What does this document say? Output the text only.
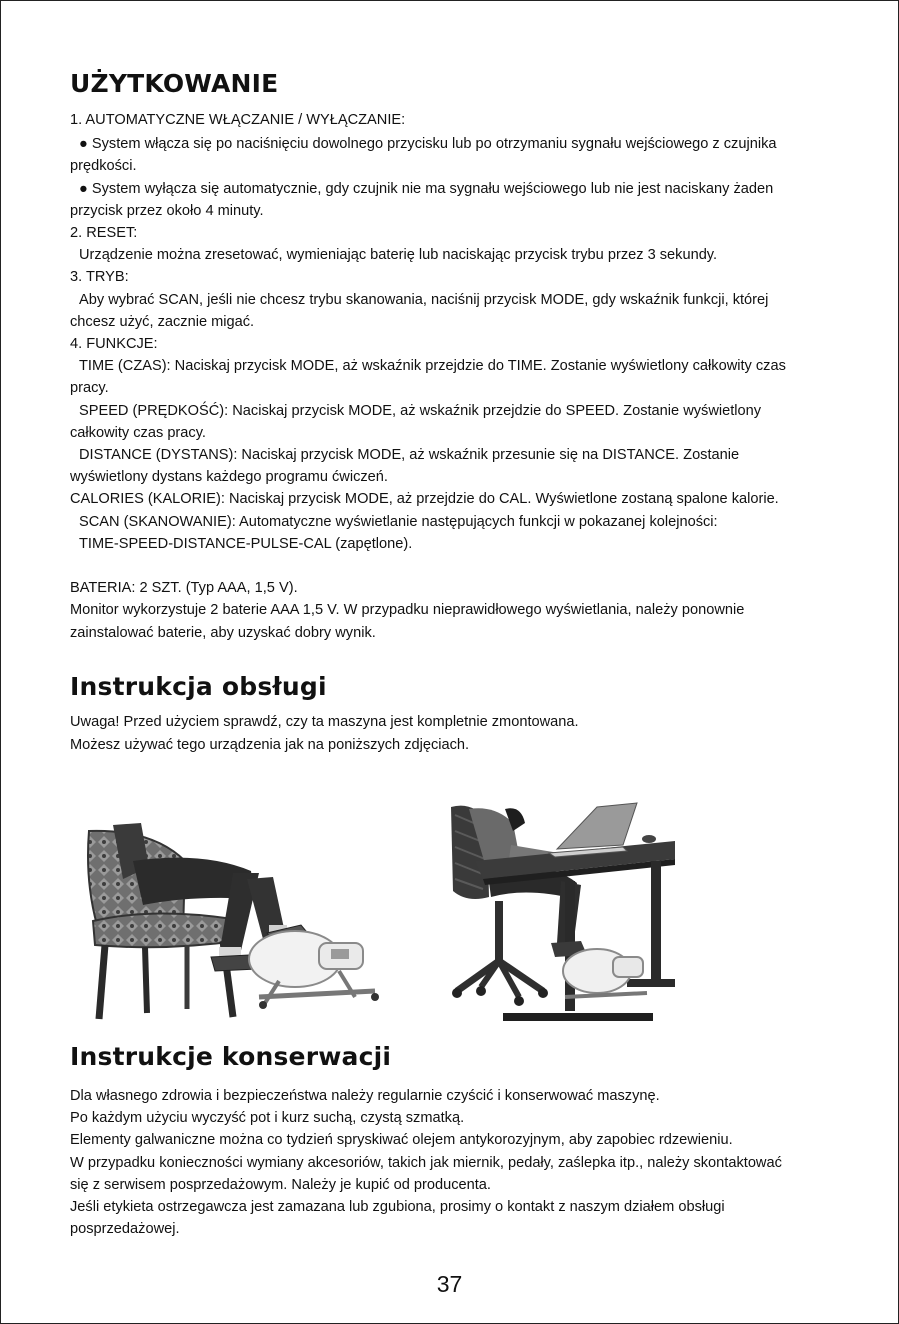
UŻYTKOWANIE
1. AUTOMATYCZNE WŁĄCZANIE / WYŁĄCZANIE:
● System włącza się po naciśnięciu dowolnego przycisku lub po otrzymaniu sygnału wejściowego z czujnika
prędkości.
● System wyłącza się automatycznie, gdy czujnik nie ma sygnału wejściowego lub nie jest naciskany żaden
przycisk przez około 4 minuty.
2. RESET:
Urządzenie można zresetować, wymieniając baterię lub naciskając przycisk trybu przez 3 sekundy.
3. TRYB:
Aby wybrać SCAN, jeśli nie chcesz trybu skanowania, naciśnij przycisk MODE, gdy wskaźnik funkcji, której
chcesz użyć, zacznie migać.
4. FUNKCJE:
TIME (CZAS): Naciskaj przycisk MODE, aż wskaźnik przejdzie do TIME. Zostanie wyświetlony całkowity czas
pracy.
SPEED (PRĘDKOŚĆ): Naciskaj przycisk MODE, aż wskaźnik przejdzie do SPEED. Zostanie wyświetlony
całkowity czas pracy.
DISTANCE (DYSTANS): Naciskaj przycisk MODE, aż wskaźnik przesunie się na DISTANCE. Zostanie
wyświetlony dystans każdego programu ćwiczeń.
CALORIES (KALORIE): Naciskaj przycisk MODE, aż przejdzie do CAL. Wyświetlone zostaną spalone kalorie.
SCAN (SKANOWANIE): Automatyczne wyświetlanie następujących funkcji w pokazanej kolejności:
TIME-SPEED-DISTANCE-PULSE-CAL (zapętlone).
BATERIA: 2 SZT. (Typ AAA, 1,5 V).
Monitor wykorzystuje 2 baterie AAA 1,5 V. W przypadku nieprawidłowego wyświetlania, należy ponownie
zainstalować baterie, aby uzyskać dobry wynik.
Instrukcja obsługi
Uwaga! Przed użyciem sprawdź, czy ta maszyna jest kompletnie zmontowana.
Możesz używać tego urządzenia jak na poniższych zdjęciach.
Instrukcje konserwacji
Dla własnego zdrowia i bezpieczeństwa należy regularnie czyścić i konserwować maszynę.
Po każdym użyciu wyczyść pot i kurz suchą, czystą szmatką.
Elementy galwaniczne można co tydzień spryskiwać olejem antykorozyjnym, aby zapobiec rdzewieniu.
W przypadku konieczności wymiany akcesoriów, takich jak miernik, pedały, zaślepka itp., należy skontaktować
się z serwisem posprzedażowym. Należy je kupić od producenta.
Jeśli etykieta ostrzegawcza jest zamazana lub zgubiona, prosimy o kontakt z naszym działem obsługi
posprzedażowej.
37
